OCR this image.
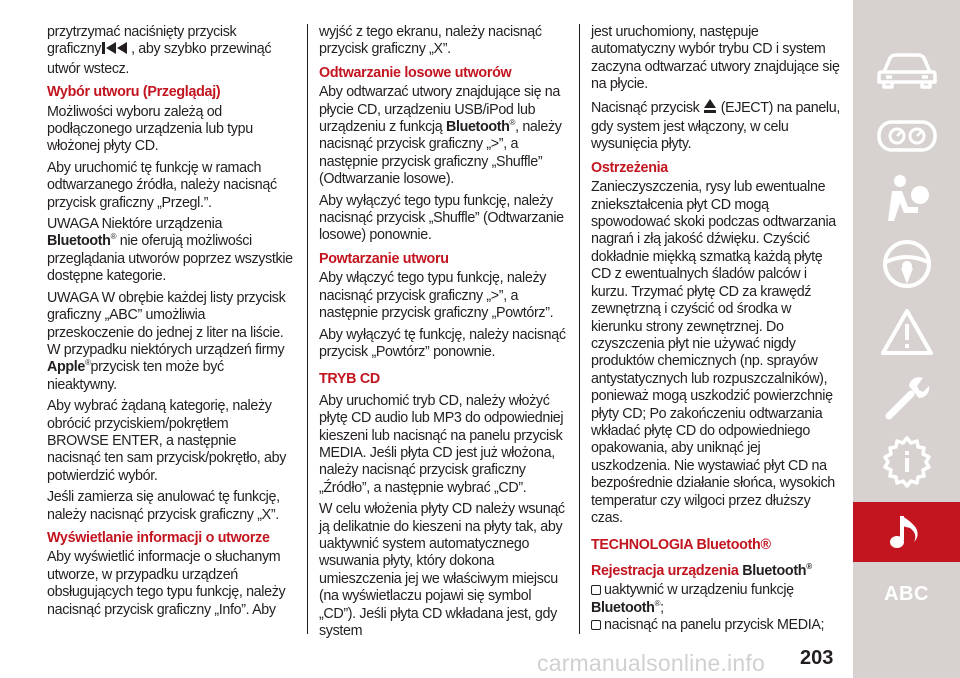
przytrzymać naciśnięty przycisk
graficzny , aby szybko przewinąć
utwór wstecz.

Wybór utworu (Przeglądaj)

Możliwości wyboru zależą od podłączonego urządzenia lub typu włożonej płyty CD.

Aby uruchomić tę funkcję w ramach odtwarzanego źródła, należy nacisnąć przycisk graficzny „Przegl.”.

UWAGA Niektóre urządzenia Bluetooth® nie oferują możliwości przeglądania utworów poprzez wszystkie dostępne kategorie.

UWAGA W obrębie każdej listy przycisk graficzny „ABC” umożliwia przeskoczenie do jednej z liter na liście. W przypadku niektórych urządzeń firmy Apple®przycisk ten może być nieaktywny.

Aby wybrać żądaną kategorię, należy obrócić przyciskiem/pokrętłem BROWSE ENTER, a następnie nacisnąć ten sam przycisk/pokrętło, aby potwierdzić wybór.

Jeśli zamierza się anulować tę funkcję, należy nacisnąć przycisk graficzny „X”.

Wyświetlanie informacji o utworze

Aby wyświetlić informacje o słuchanym utworze, w przypadku urządzeń obsługujących tego typu funkcję, należy nacisnąć przycisk graficzny „Info”. Aby

wyjść z tego ekranu, należy nacisnąć przycisk graficzny „X”.

Odtwarzanie losowe utworów

Aby odtwarzać utwory znajdujące się na płycie CD, urządzeniu USB/iPod lub urządzeniu z funkcją Bluetooth®, należy nacisnąć przycisk graficzny „>”, a następnie przycisk graficzny „Shuffle” (Odtwarzanie losowe).

Aby wyłączyć tego typu funkcję, należy nacisnąć przycisk „Shuffle” (Odtwarzanie losowe) ponownie.

Powtarzanie utworu

Aby włączyć tego typu funkcję, należy nacisnąć przycisk graficzny „>”, a następnie przycisk graficzny „Powtórz”.

Aby wyłączyć tę funkcję, należy nacisnąć przycisk „Powtórz” ponownie.

TRYB CD

Aby uruchomić tryb CD, należy włożyć płytę CD audio lub MP3 do odpowiedniej kieszeni lub nacisnąć na panelu przycisk MEDIA. Jeśli płyta CD jest już włożona, należy nacisnąć przycisk graficzny „Źródło”, a następnie wybrać „CD”.

W celu włożenia płyty CD należy wsunąć ją delikatnie do kieszeni na płyty tak, aby uaktywnić system automatycznego wsuwania płyty, który dokona umieszczenia jej we właściwym miejscu (na wyświetlaczu pojawi się symbol „CD”). Jeśli płyta CD wkładana jest, gdy system

jest uruchomiony, następuje automatyczny wybór trybu CD i system zaczyna odtwarzać utwory znajdujące się na płycie.

Nacisnąć przycisk (EJECT) na panelu, gdy system jest włączony, w celu wysunięcia płyty.

Ostrzeżenia

Zanieczyszczenia, rysy lub ewentualne zniekształcenia płyt CD mogą spowodować skoki podczas odtwarzania nagrań i złą jakość dźwięku. Czyścić dokładnie miękką szmatką każdą płytę CD z ewentualnych śladów palców i kurzu. Trzymać płytę CD za krawędź zewnętrzną i czyścić od środka w kierunku strony zewnętrznej. Do czyszczenia płyt nie używać nigdy produktów chemicznych (np. sprayów antystatycznych lub rozpuszczalników), ponieważ mogą uszkodzić powierzchnię płyty CD; Po zakończeniu odtwarzania wkładać płytę CD do odpowiedniego opakowania, aby uniknąć jej uszkodzenia. Nie wystawiać płyt CD na bezpośrednie działanie słońca, wysokich temperatur czy wilgoci przez dłuższy czas.

TECHNOLOGIA Bluetooth®
Rejestracja urządzenia Bluetooth®

uaktywnić w urządzeniu funkcję
Bluetooth®;

nacisnąć na panelu przycisk MEDIA;

ABC
carmanualsonline.info 203
